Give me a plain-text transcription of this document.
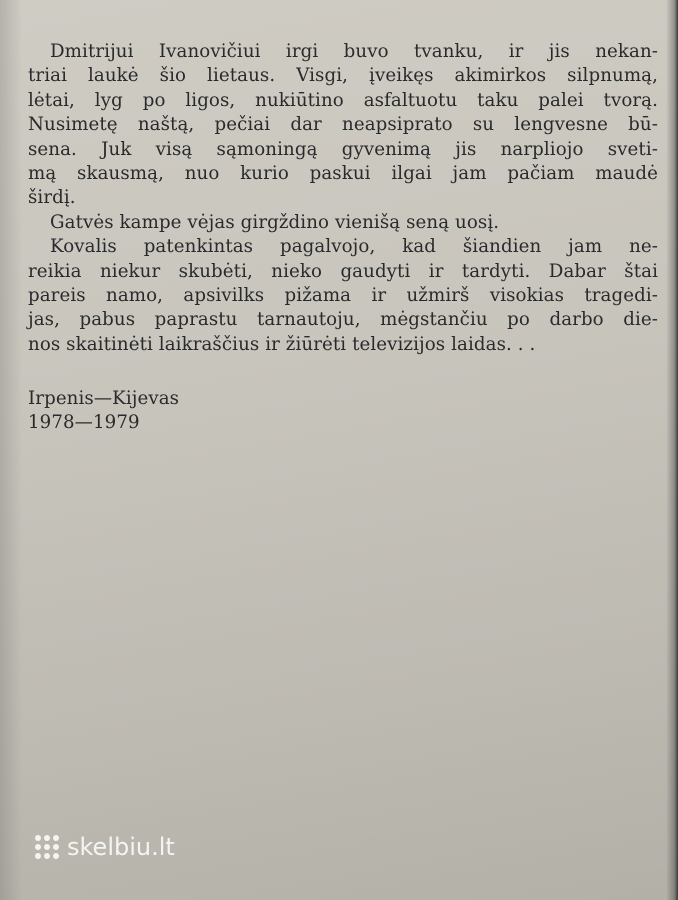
Dmitrijui Ivanovičiui irgi buvo tvanku, ir jis nekan-
triai laukė šio lietaus. Visgi, įveikęs akimirkos silpnumą,
lėtai, lyg po ligos, nukiūtino asfaltuotu taku palei tvorą.
Nusimetę naštą, pečiai dar neapsiprato su lengvesne bū-
sena. Juk visą sąmoningą gyvenimą jis narpliojo sveti-
mą skausmą, nuo kurio paskui ilgai jam pačiam maudė
širdį.
Gatvės kampe vėjas girgždino vienišą seną uosį.
Kovalis patenkintas pagalvojo, kad šiandien jam ne-
reikia niekur skubėti, nieko gaudyti ir tardyti. Dabar štai
pareis namo, apsivilks pižama ir užmirš visokias tragedi-
jas, pabus paprastu tarnautoju, mėgstančiu po darbo die-
nos skaitinėti laikraščius ir žiūrėti televizijos laidas. . .
Irpenis—Kijevas
1978—1979
skelbiu.lt
